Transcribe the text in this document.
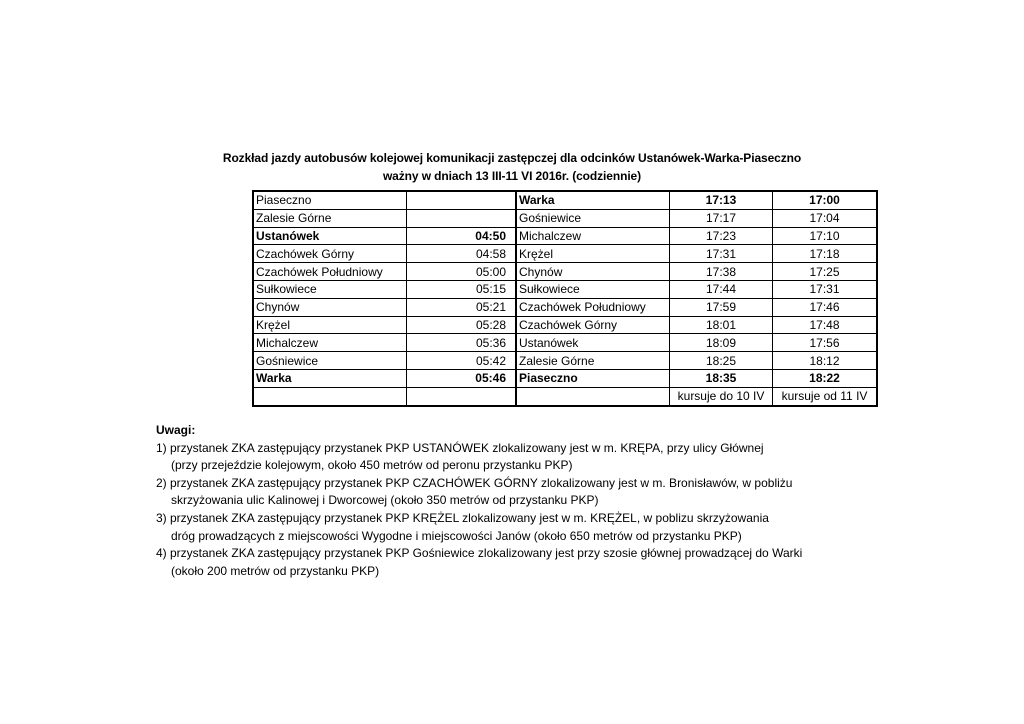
Rozkład jazdy autobusów kolejowej komunikacji zastępczej dla odcinków Ustanówek-Warka-Piaseczno
ważny w dniach 13 III-11 VI 2016r. (codziennie)
Piaseczno		Warka	17:13	17:00
Zalesie Górne		Gośniewice	17:17	17:04
Ustanówek	04:50	Michalczew	17:23	17:10
Czachówek Górny	04:58	Krężel	17:31	17:18
Czachówek Południowy	05:00	Chynów	17:38	17:25
Sułkowiece	05:15	Sułkowiece	17:44	17:31
Chynów	05:21	Czachówek Południowy	17:59	17:46
Krężel	05:28	Czachówek Górny	18:01	17:48
Michalczew	05:36	Ustanówek	18:09	17:56
Gośniewice	05:42	Zalesie Górne	18:25	18:12
Warka	05:46	Piaseczno	18:35	18:22
			kursuje do 10 IV	kursuje od 11 IV
Uwagi:
1) przystanek ZKA zastępujący przystanek PKP USTANÓWEK zlokalizowany jest w m. KRĘPA, przy ulicy Głównej
(przy przejeździe kolejowym, około 450 metrów od peronu przystanku PKP)
2) przystanek ZKA zastępujący przystanek PKP CZACHÓWEK GÓRNY zlokalizowany jest w m. Bronisławów, w pobliżu
skrzyżowania ulic Kalinowej i Dworcowej (około 350 metrów od przystanku PKP)
3) przystanek ZKA zastępujący przystanek PKP KRĘŻEL zlokalizowany jest w m. KRĘŻEL, w poblizu skrzyżowania
dróg prowadzących z miejscowości Wygodne i miejscowości Janów (około 650 metrów od przystanku PKP)
4) przystanek ZKA zastępujący przystanek PKP Gośniewice zlokalizowany jest przy szosie głównej prowadzącej do Warki
(około 200 metrów od przystanku PKP)
